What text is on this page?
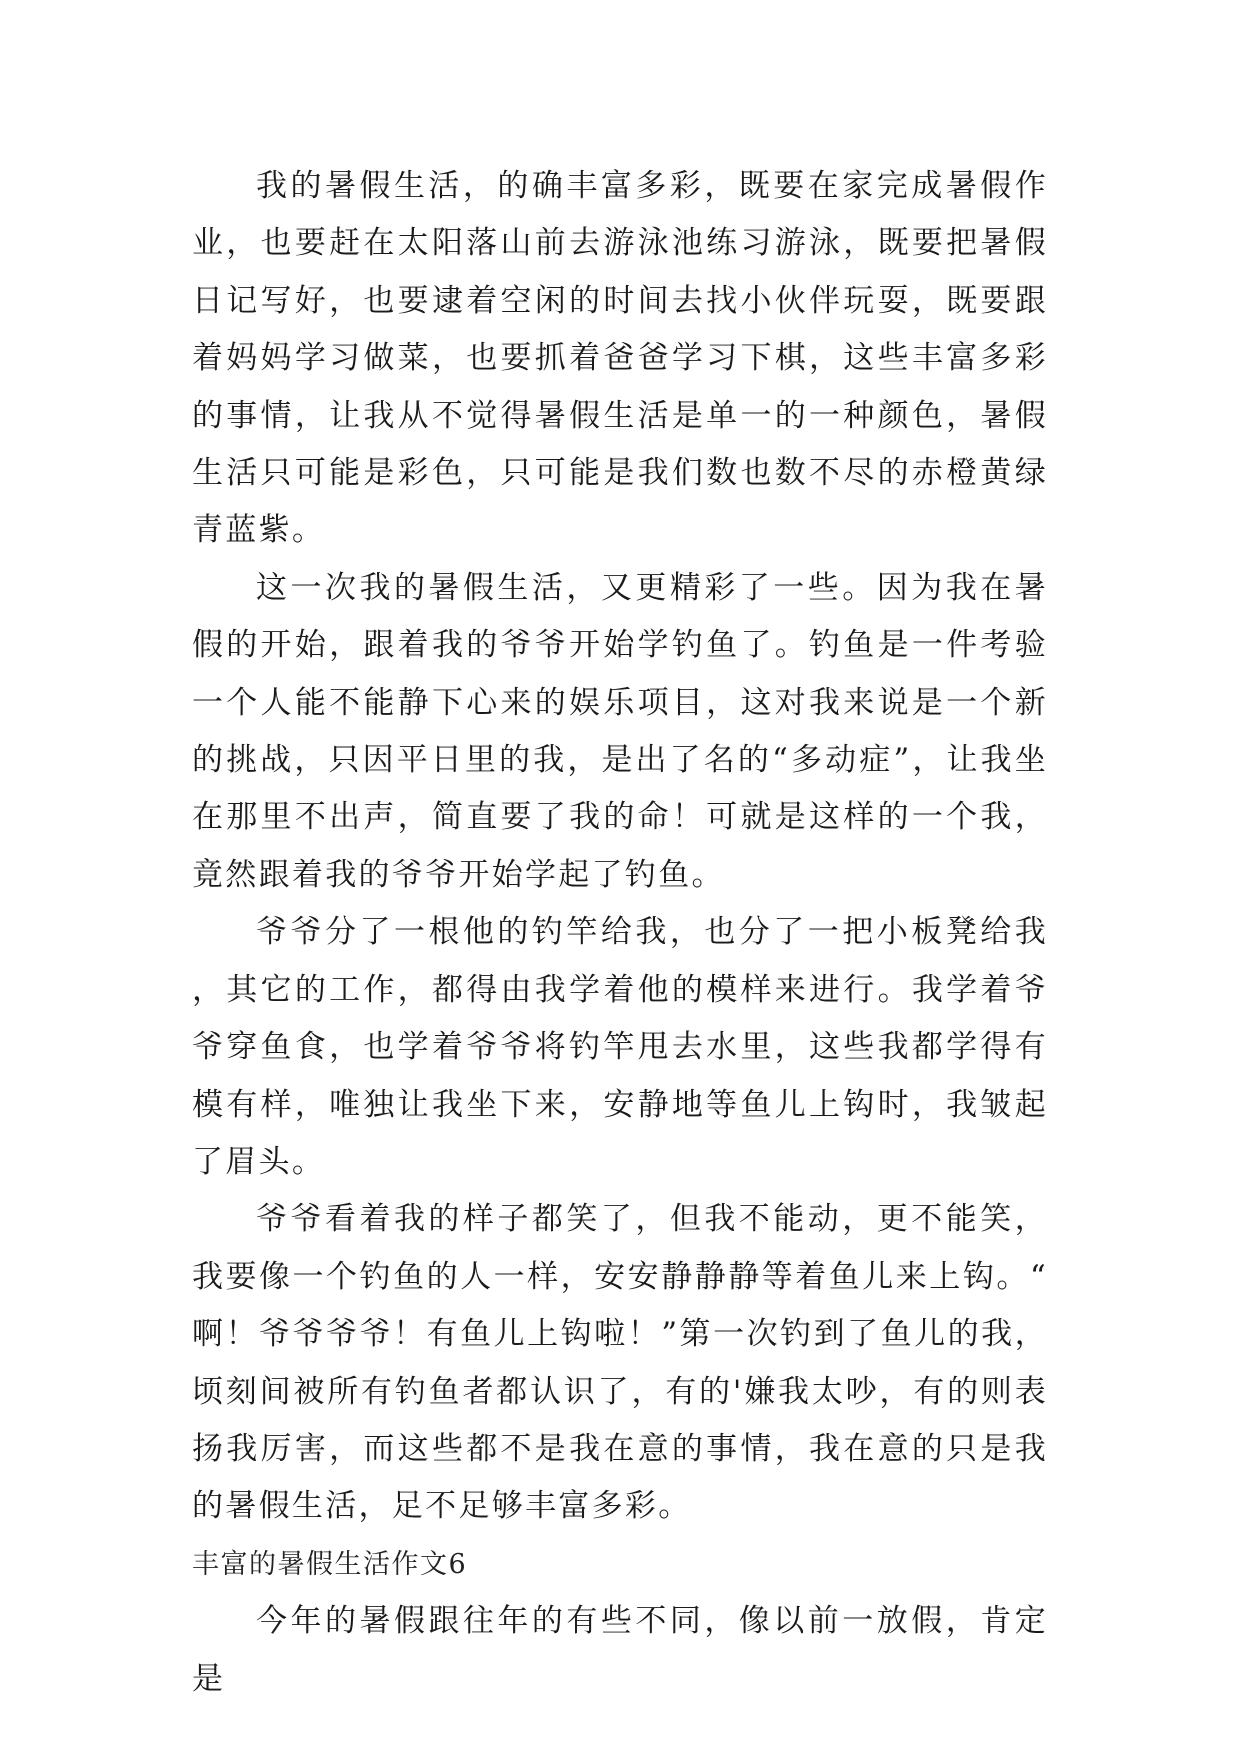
我的暑假生活，的确丰富多彩，既要在家完成暑假作业，也要赶在太阳落山前去游泳池练习游泳，既要把暑假日记写好，也要逮着空闲的时间去找小伙伴玩耍，既要跟着妈妈学习做菜，也要抓着爸爸学习下棋，这些丰富多彩的事情，让我从不觉得暑假生活是单一的一种颜色，暑假生活只可能是彩色，只可能是我们数也数不尽的赤橙黄绿青蓝紫。

这一次我的暑假生活，又更精彩了一些。因为我在暑假的开始，跟着我的爷爷开始学钓鱼了。钓鱼是一件考验一个人能不能静下心来的娱乐项目，这对我来说是一个新的挑战，只因平日里的我，是出了名的“多动症”，让我坐在那里不出声，简直要了我的命！可就是这样的一个我，竟然跟着我的爷爷开始学起了钓鱼。

爷爷分了一根他的钓竿给我，也分了一把小板凳给我，其它的工作，都得由我学着他的模样来进行。我学着爷爷穿鱼食，也学着爷爷将钓竿甩去水里，这些我都学得有模有样，唯独让我坐下来，安静地等鱼儿上钩时，我皱起了眉头。

爷爷看着我的样子都笑了，但我不能动，更不能笑，我要像一个钓鱼的人一样，安安静静静等着鱼儿来上钩。“啊！爷爷爷爷！有鱼儿上钩啦！”第一次钓到了鱼儿的我，顷刻间被所有钓鱼者都认识了，有的'嫌我太吵，有的则表扬我厉害，而这些都不是我在意的事情，我在意的只是我的暑假生活，足不足够丰富多彩。

丰富的暑假生活作文6

今年的暑假跟往年的有些不同，像以前一放假，肯定是
